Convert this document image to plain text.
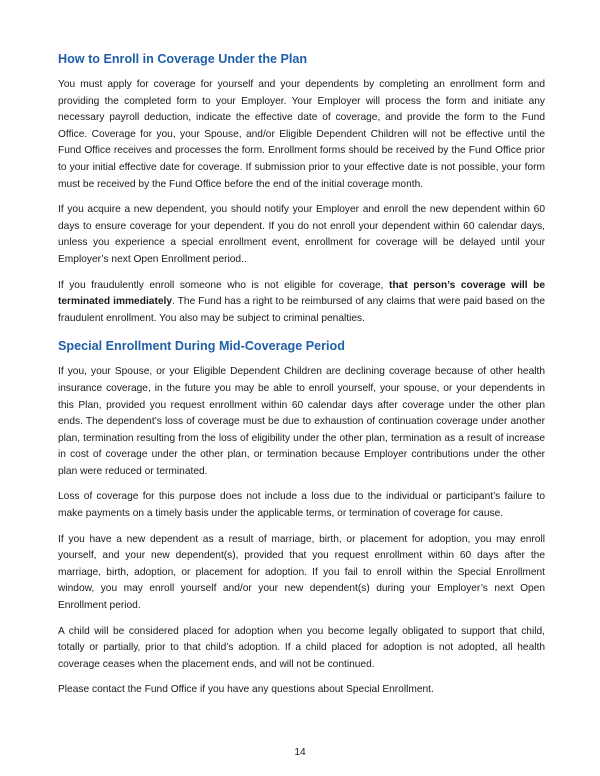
How to Enroll in Coverage Under the Plan

You must apply for coverage for yourself and your dependents by completing an enrollment form and providing the completed form to your Employer. Your Employer will process the form and initiate any necessary payroll deduction, indicate the effective date of coverage, and provide the form to the Fund Office. Coverage for you, your Spouse, and/or Eligible Dependent Children will not be effective until the Fund Office receives and processes the form. Enrollment forms should be received by the Fund Office prior to your initial effective date for coverage. If submission prior to your effective date is not possible, your form must be received by the Fund Office before the end of the initial coverage month.

If you acquire a new dependent, you should notify your Employer and enroll the new dependent within 60 days to ensure coverage for your dependent. If you do not enroll your dependent within 60 calendar days, unless you experience a special enrollment event, enrollment for coverage will be delayed until your Employer’s next Open Enrollment period..

If you fraudulently enroll someone who is not eligible for coverage, that person’s coverage will be terminated immediately. The Fund has a right to be reimbursed of any claims that were paid based on the fraudulent enrollment. You also may be subject to criminal penalties.

Special Enrollment During Mid-Coverage Period

If you, your Spouse, or your Eligible Dependent Children are declining coverage because of other health insurance coverage, in the future you may be able to enroll yourself, your spouse, or your dependents in this Plan, provided you request enrollment within 60 calendar days after coverage under the other plan ends. The dependent’s loss of coverage must be due to exhaustion of continuation coverage under another plan, termination resulting from the loss of eligibility under the other plan, termination as a result of increase in cost of coverage under the other plan, or termination because Employer contributions under the other plan were reduced or terminated.

Loss of coverage for this purpose does not include a loss due to the individual or participant’s failure to make payments on a timely basis under the applicable terms, or termination of coverage for cause.

If you have a new dependent as a result of marriage, birth, or placement for adoption, you may enroll yourself, and your new dependent(s), provided that you request enrollment within 60 days after the marriage, birth, adoption, or placement for adoption. If you fail to enroll within the Special Enrollment window, you may enroll yourself and/or your new dependent(s) during your Employer’s next Open Enrollment period.

A child will be considered placed for adoption when you become legally obligated to support that child, totally or partially, prior to that child’s adoption. If a child placed for adoption is not adopted, all health coverage ceases when the placement ends, and will not be continued.

Please contact the Fund Office if you have any questions about Special Enrollment.

14
